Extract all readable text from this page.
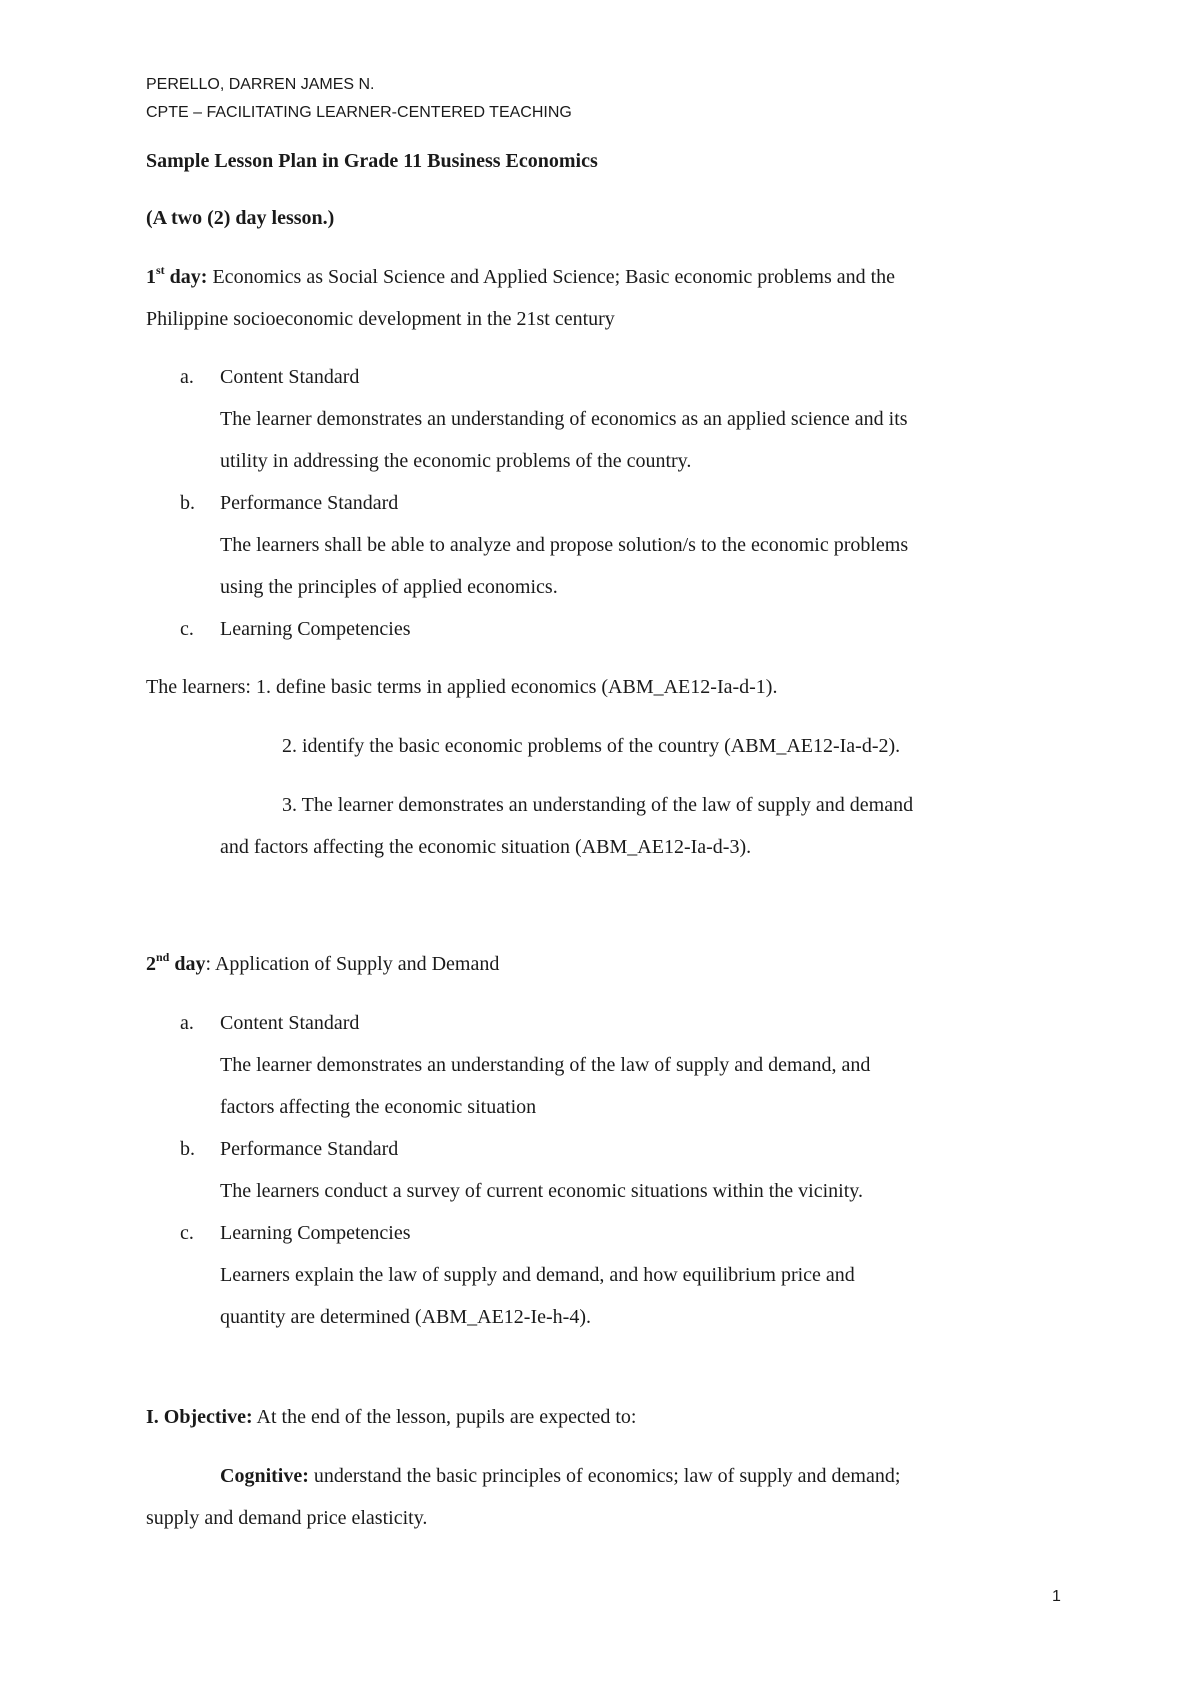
PERELLO, DARREN JAMES N.
CPTE – FACILITATING LEARNER-CENTERED TEACHING
Sample Lesson Plan in Grade 11 Business Economics
(A two (2) day lesson.)
1st day: Economics as Social Science and Applied Science; Basic economic problems and the
Philippine socioeconomic development in the 21st century
a. Content Standard
The learner demonstrates an understanding of economics as an applied science and its
utility in addressing the economic problems of the country.
b. Performance Standard
The learners shall be able to analyze and propose solution/s to the economic problems
using the principles of applied economics.
c. Learning Competencies
The learners: 1. define basic terms in applied economics (ABM_AE12-Ia-d-1).
2. identify the basic economic problems of the country (ABM_AE12-Ia-d-2).
3. The learner demonstrates an understanding of the law of supply and demand
and factors affecting the economic situation (ABM_AE12-Ia-d-3).
2nd day: Application of Supply and Demand
a. Content Standard
The learner demonstrates an understanding of the law of supply and demand, and
factors affecting the economic situation
b. Performance Standard
The learners conduct a survey of current economic situations within the vicinity.
c. Learning Competencies
Learners explain the law of supply and demand, and how equilibrium price and
quantity are determined (ABM_AE12-Ie-h-4).
I. Objective: At the end of the lesson, pupils are expected to:
Cognitive: understand the basic principles of economics; law of supply and demand;
supply and demand price elasticity.
1
